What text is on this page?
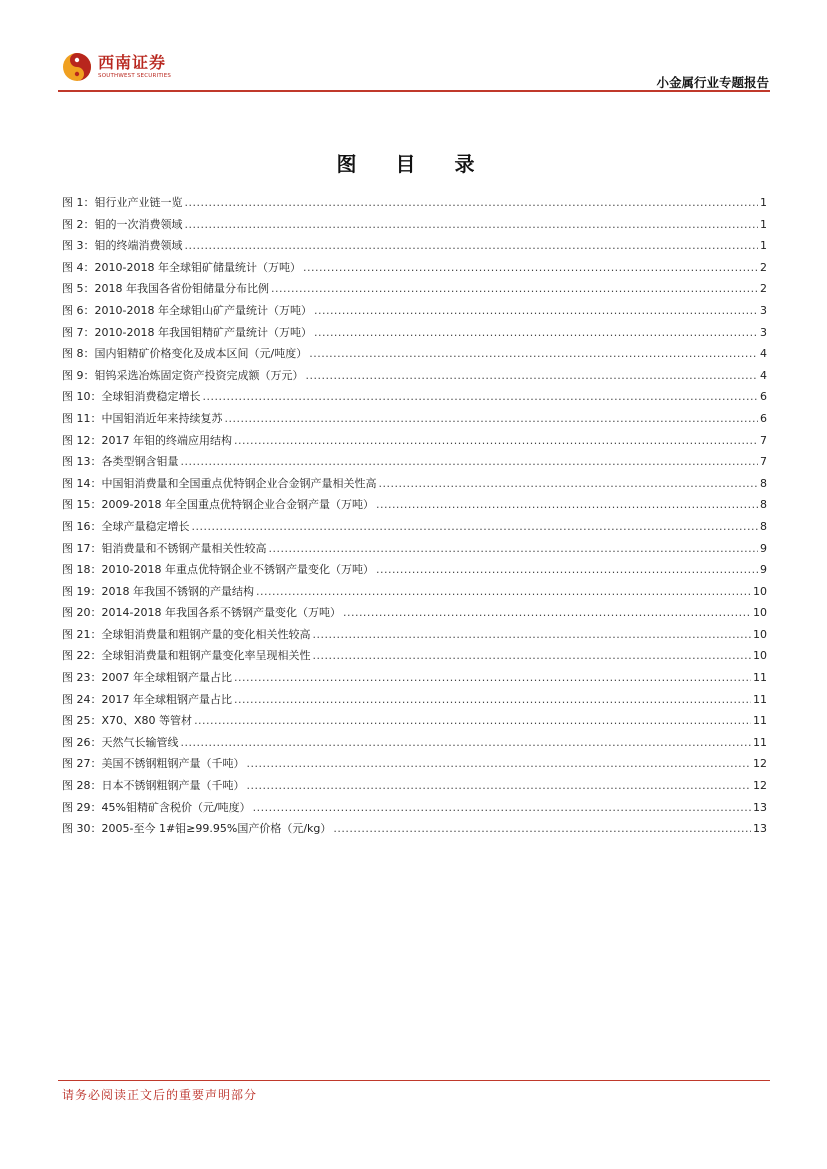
西南证券
SOUTHWEST SECURITIES	小金属行业专题报告
图 目 录
图 1：钼行业产业链一览 .....	1
图 2：钼的一次消费领域 .....	1
图 3：钼的终端消费领域 .....	1
图 4：2010-2018 年全球钼矿储量统计（万吨） .....	2
图 5：2018 年我国各省份钼储量分布比例 .....	2
图 6：2010-2018 年全球钼山矿产量统计（万吨） .....	3
图 7：2010-2018 年我国钼精矿产量统计（万吨） .....	3
图 8：国内钼精矿价格变化及成本区间（元/吨度） .....	4
图 9：钼钨采选冶炼固定资产投资完成额（万元） .....	4
图 10：全球钼消费稳定增长 .....	6
图 11：中国钼消近年来持续复苏 .....	6
图 12：2017 年钼的终端应用结构 .....	7
图 13：各类型钢含钼量 .....	7
图 14：中国钼消费量和全国重点优特钢企业合金钢产量相关性高 .....	8
图 15：2009-2018 年全国重点优特钢企业合金钢产量（万吨） .....	8
图 16：全球产量稳定增长 .....	8
图 17：钼消费量和不锈钢产量相关性较高 .....	9
图 18：2010-2018 年重点优特钢企业不锈钢产量变化（万吨） .....	9
图 19：2018 年我国不锈钢的产量结构 .....	10
图 20：2014-2018 年我国各系不锈钢产量变化（万吨） .....	10
图 21：全球钼消费量和粗钢产量的变化相关性较高 .....	10
图 22：全球钼消费量和粗钢产量变化率呈现相关性 .....	10
图 23：2007 年全球粗钢产量占比 .....	11
图 24：2017 年全球粗钢产量占比 .....	11
图 25：X70、X80 等管材 .....	11
图 26：天然气长输管线 .....	11
图 27：美国不锈钢粗钢产量（千吨） .....	12
图 28：日本不锈钢粗钢产量（千吨） .....	12
图 29：45%钼精矿含税价（元/吨度） .....	13
图 30：2005-至今 1#钼≥99.95%国产价格（元/kg） .....	13
请务必阅读正文后的重要声明部分
